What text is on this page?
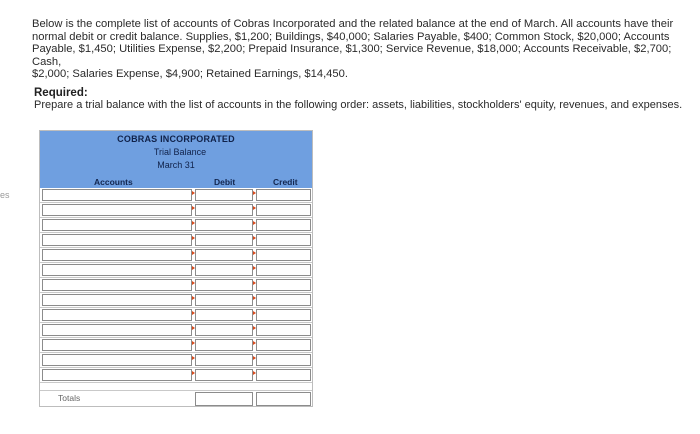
es
Below is the complete list of accounts of Cobras Incorporated and the related balance at the end of March. All accounts have their
normal debit or credit balance. Supplies, $1,200; Buildings, $40,000; Salaries Payable, $400; Common Stock, $20,000; Accounts
Payable, $1,450; Utilities Expense, $2,200; Prepaid Insurance, $1,300; Service Revenue, $18,000; Accounts Receivable, $2,700; Cash,
$2,000; Salaries Expense, $4,900; Retained Earnings, $14,450.
Required:
Prepare a trial balance with the list of accounts in the following order: assets, liabilities, stockholders' equity, revenues, and expenses.
COBRAS INCORPORATED
Trial Balance
March 31
Accounts	Debit	Credit
Totals
